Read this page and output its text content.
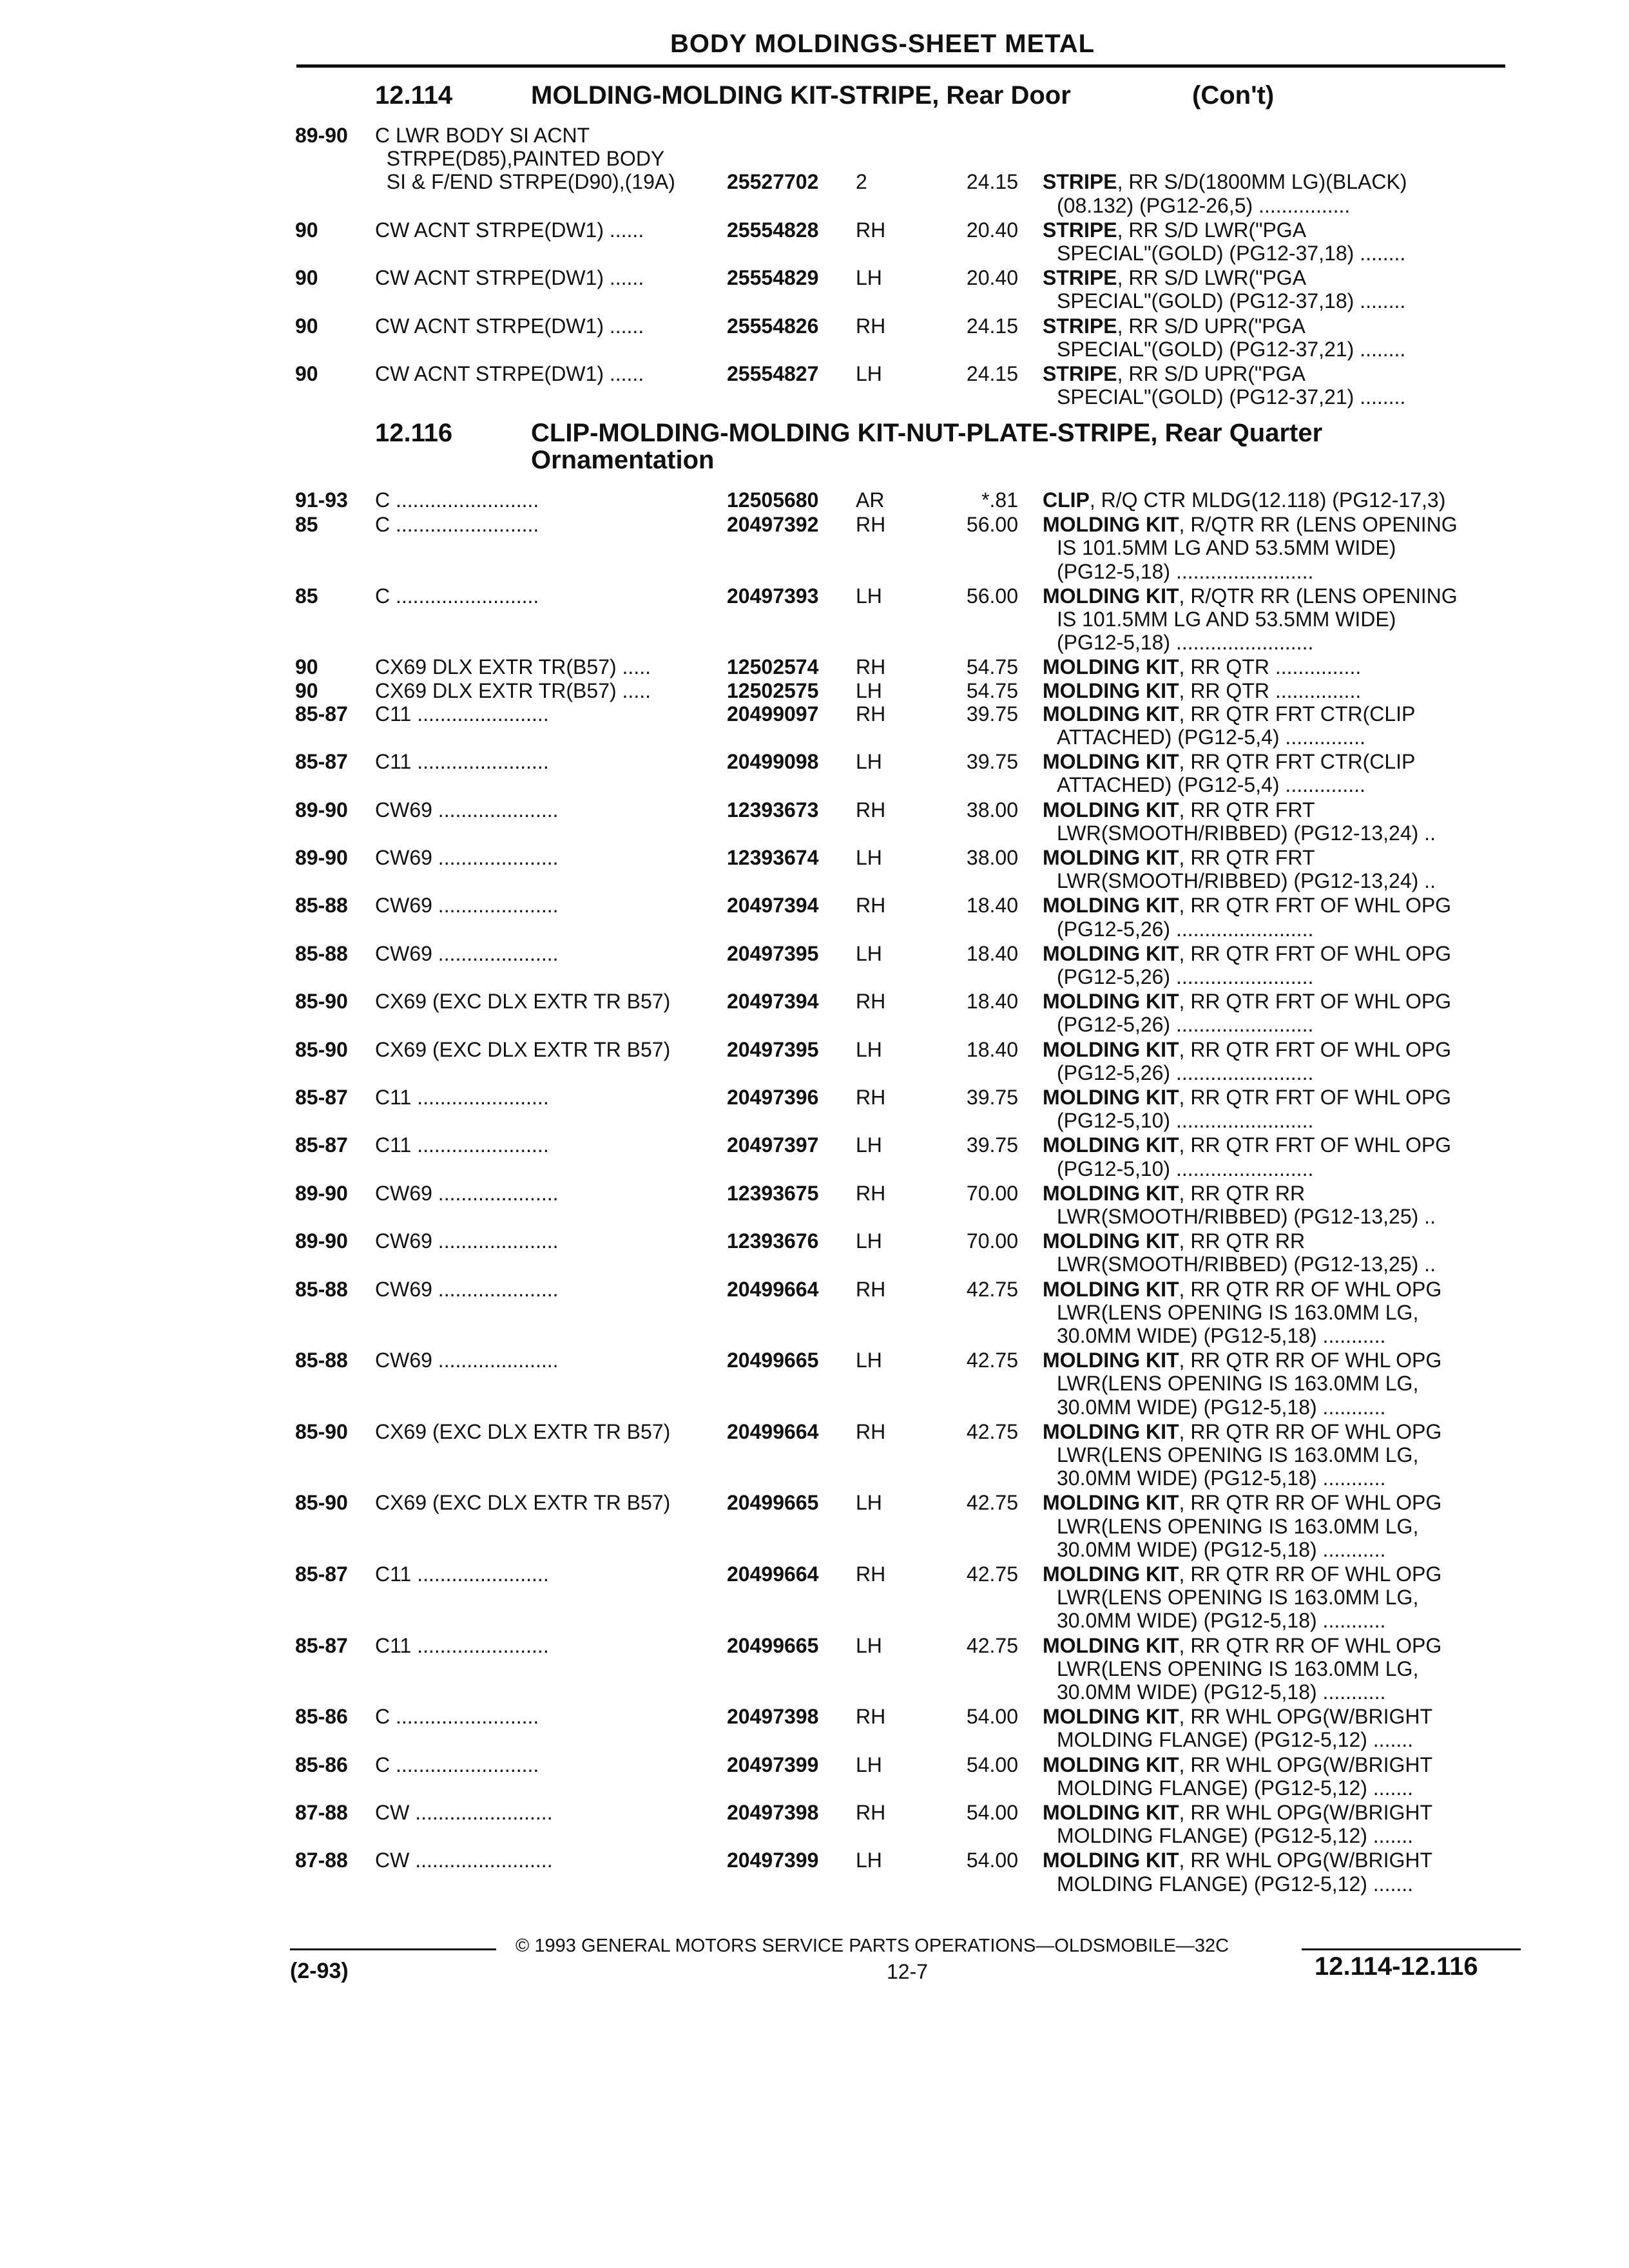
BODY MOLDINGS-SHEET METAL
12.114	MOLDING-MOLDING KIT-STRIPE, Rear Door	(Con't)
89-90 C LWR BODY SI ACNT
STRPE(D85),PAINTED BODY
SI & F/END STRPE(D90),(19A)	25527702 2	24.15 STRIPE, RR S/D(1800MM LG)(BLACK)
(08.132) (PG12-26,5) ................
90	CW ACNT STRPE(DW1) ......	25554828 RH	20.40 STRIPE, RR S/D LWR("PGA
SPECIAL"(GOLD) (PG12-37,18) ........
90	CW ACNT STRPE(DW1) ......	25554829 LH	20.40 STRIPE, RR S/D LWR("PGA
SPECIAL"(GOLD) (PG12-37,18) ........
90	CW ACNT STRPE(DW1) ......	25554826 RH	24.15 STRIPE, RR S/D UPR("PGA
SPECIAL"(GOLD) (PG12-37,21) ........
90	CW ACNT STRPE(DW1) ......	25554827 LH	24.15 STRIPE, RR S/D UPR("PGA
SPECIAL"(GOLD) (PG12-37,21) ........
12.116	CLIP-MOLDING-MOLDING KIT-NUT-PLATE-STRIPE, Rear Quarter
Ornamentation
91-93 C .........................	12505680 AR	*.81 CLIP, R/Q CTR MLDG(12.118) (PG12-17,3)
85	C .........................	20497392 RH	56.00 MOLDING KIT, R/QTR RR (LENS OPENING
IS 101.5MM LG AND 53.5MM WIDE)
(PG12-5,18) ........................
85	C .........................	20497393 LH	56.00 MOLDING KIT, R/QTR RR (LENS OPENING
IS 101.5MM LG AND 53.5MM WIDE)
(PG12-5,18) ........................
90	CX69 DLX EXTR TR(B57) .....	12502574 RH	54.75 MOLDING KIT, RR QTR ...............
90	CX69 DLX EXTR TR(B57) .....	12502575 LH	54.75 MOLDING KIT, RR QTR ...............
85-87 C11 .......................	20499097 RH	39.75 MOLDING KIT, RR QTR FRT CTR(CLIP
ATTACHED) (PG12-5,4) ..............
85-87 C11 .......................	20499098 LH	39.75 MOLDING KIT, RR QTR FRT CTR(CLIP
ATTACHED) (PG12-5,4) ..............
89-90 CW69 .....................	12393673 RH	38.00 MOLDING KIT, RR QTR FRT
LWR(SMOOTH/RIBBED) (PG12-13,24) ..
89-90 CW69 .....................	12393674 LH	38.00 MOLDING KIT, RR QTR FRT
LWR(SMOOTH/RIBBED) (PG12-13,24) ..
85-88 CW69 .....................	20497394 RH	18.40 MOLDING KIT, RR QTR FRT OF WHL OPG
(PG12-5,26) ........................
85-88 CW69 .....................	20497395 LH	18.40 MOLDING KIT, RR QTR FRT OF WHL OPG
(PG12-5,26) ........................
85-90 CX69 (EXC DLX EXTR TR B57)	20497394 RH	18.40 MOLDING KIT, RR QTR FRT OF WHL OPG
(PG12-5,26) ........................
85-90 CX69 (EXC DLX EXTR TR B57)	20497395 LH	18.40 MOLDING KIT, RR QTR FRT OF WHL OPG
(PG12-5,26) ........................
85-87 C11 .......................	20497396 RH	39.75 MOLDING KIT, RR QTR FRT OF WHL OPG
(PG12-5,10) ........................
85-87 C11 .......................	20497397 LH	39.75 MOLDING KIT, RR QTR FRT OF WHL OPG
(PG12-5,10) ........................
89-90 CW69 .....................	12393675 RH	70.00 MOLDING KIT, RR QTR RR
LWR(SMOOTH/RIBBED) (PG12-13,25) ..
89-90 CW69 .....................	12393676 LH	70.00 MOLDING KIT, RR QTR RR
LWR(SMOOTH/RIBBED) (PG12-13,25) ..
85-88 CW69 .....................	20499664 RH	42.75 MOLDING KIT, RR QTR RR OF WHL OPG
LWR(LENS OPENING IS 163.0MM LG,
30.0MM WIDE) (PG12-5,18) ...........
85-88 CW69 .....................	20499665 LH	42.75 MOLDING KIT, RR QTR RR OF WHL OPG
LWR(LENS OPENING IS 163.0MM LG,
30.0MM WIDE) (PG12-5,18) ...........
85-90 CX69 (EXC DLX EXTR TR B57)	20499664 RH	42.75 MOLDING KIT, RR QTR RR OF WHL OPG
LWR(LENS OPENING IS 163.0MM LG,
30.0MM WIDE) (PG12-5,18) ...........
85-90 CX69 (EXC DLX EXTR TR B57)	20499665 LH	42.75 MOLDING KIT, RR QTR RR OF WHL OPG
LWR(LENS OPENING IS 163.0MM LG,
30.0MM WIDE) (PG12-5,18) ...........
85-87 C11 .......................	20499664 RH	42.75 MOLDING KIT, RR QTR RR OF WHL OPG
LWR(LENS OPENING IS 163.0MM LG,
30.0MM WIDE) (PG12-5,18) ...........
85-87 C11 .......................	20499665 LH	42.75 MOLDING KIT, RR QTR RR OF WHL OPG
LWR(LENS OPENING IS 163.0MM LG,
30.0MM WIDE) (PG12-5,18) ...........
85-86 C .........................	20497398 RH	54.00 MOLDING KIT, RR WHL OPG(W/BRIGHT
MOLDING FLANGE) (PG12-5,12) .......
85-86 C .........................	20497399 LH	54.00 MOLDING KIT, RR WHL OPG(W/BRIGHT
MOLDING FLANGE) (PG12-5,12) .......
87-88 CW ........................	20497398 RH	54.00 MOLDING KIT, RR WHL OPG(W/BRIGHT
MOLDING FLANGE) (PG12-5,12) .......
87-88 CW ........................	20497399 LH	54.00 MOLDING KIT, RR WHL OPG(W/BRIGHT
MOLDING FLANGE) (PG12-5,12) .......
© 1993 GENERAL MOTORS SERVICE PARTS OPERATIONS—OLDSMOBILE—32C
(2-93)	12-7	12.114-12.116
